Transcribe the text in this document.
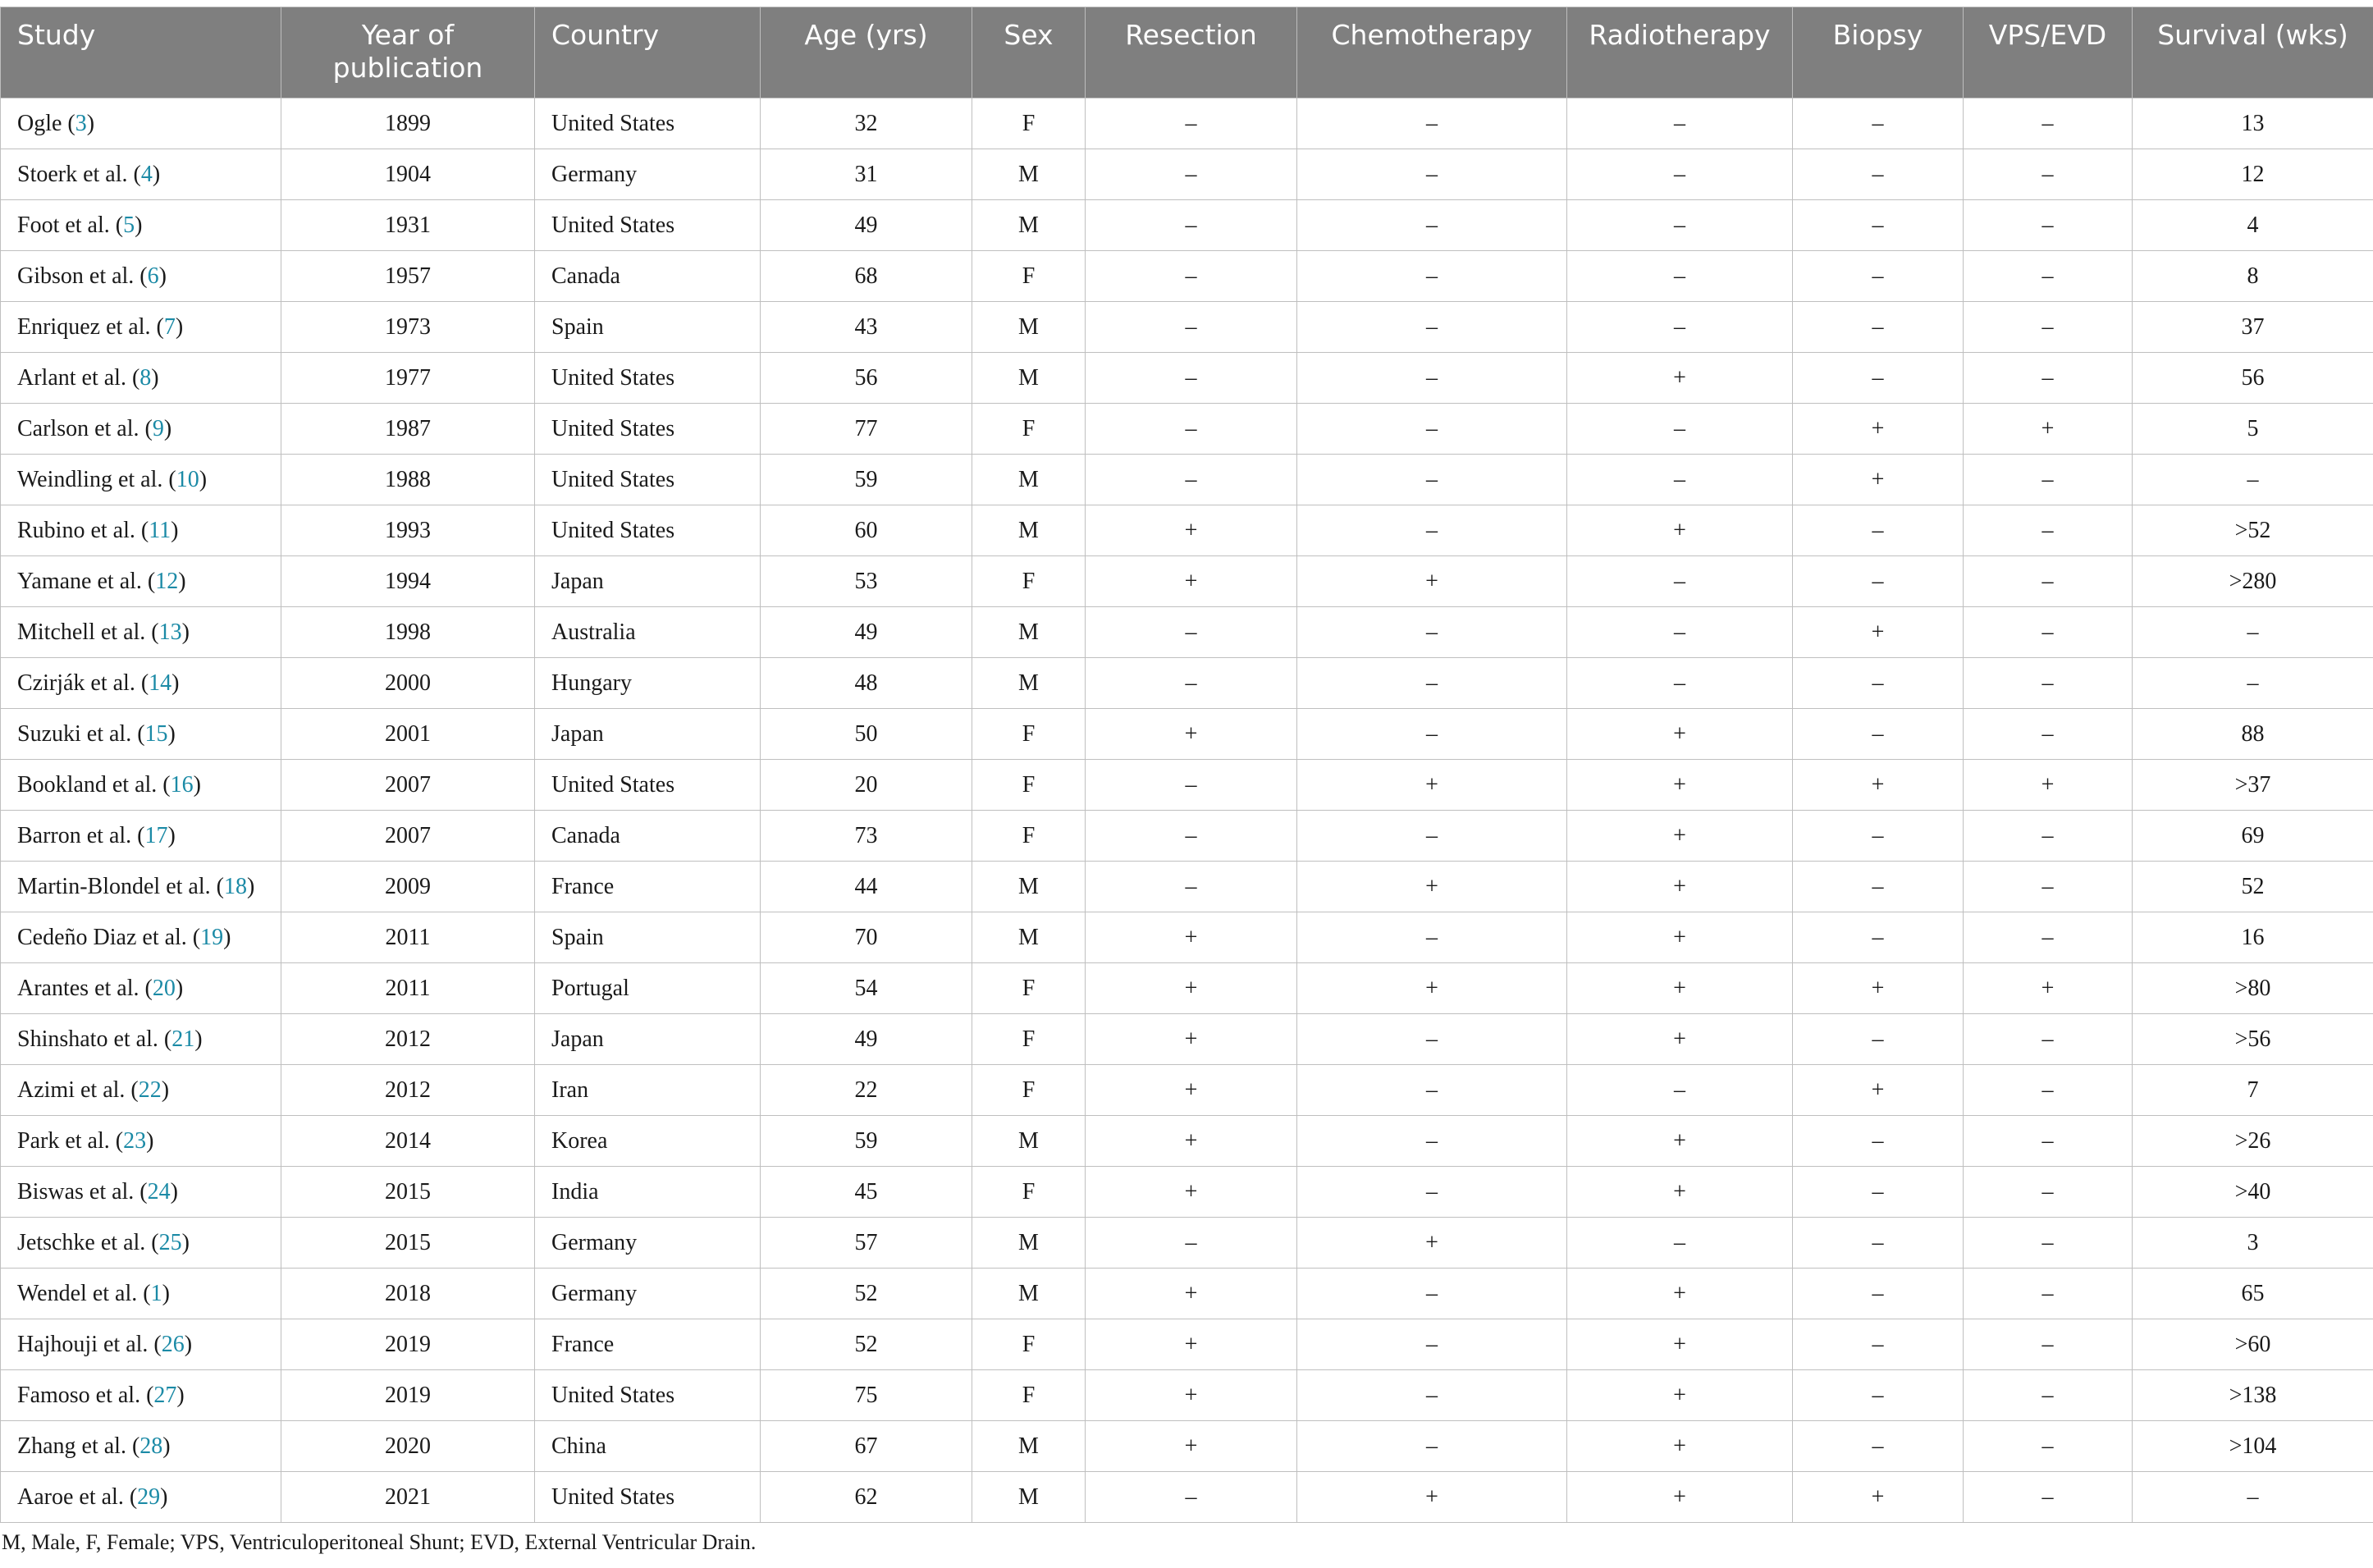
Study	Year of publication	Country	Age (yrs)	Sex	Resection	Chemotherapy	Radiotherapy	Biopsy	VPS/EVD	Survival (wks)
Ogle (3)	1899	United States	32	F	–	–	–	–	–	13
Stoerk et al. (4)	1904	Germany	31	M	–	–	–	–	–	12
Foot et al. (5)	1931	United States	49	M	–	–	–	–	–	4
Gibson et al. (6)	1957	Canada	68	F	–	–	–	–	–	8
Enriquez et al. (7)	1973	Spain	43	M	–	–	–	–	–	37
Arlant et al. (8)	1977	United States	56	M	–	–	+	–	–	56
Carlson et al. (9)	1987	United States	77	F	–	–	–	+	+	5
Weindling et al. (10)	1988	United States	59	M	–	–	–	+	–	–
Rubino et al. (11)	1993	United States	60	M	+	–	+	–	–	>52
Yamane et al. (12)	1994	Japan	53	F	+	+	–	–	–	>280
Mitchell et al. (13)	1998	Australia	49	M	–	–	–	+	–	–
Czirják et al. (14)	2000	Hungary	48	M	–	–	–	–	–	–
Suzuki et al. (15)	2001	Japan	50	F	+	–	+	–	–	88
Bookland et al. (16)	2007	United States	20	F	–	+	+	+	+	>37
Barron et al. (17)	2007	Canada	73	F	–	–	+	–	–	69
Martin-Blondel et al. (18)	2009	France	44	M	–	+	+	–	–	52
Cedeño Diaz et al. (19)	2011	Spain	70	M	+	–	+	–	–	16
Arantes et al. (20)	2011	Portugal	54	F	+	+	+	+	+	>80
Shinshato et al. (21)	2012	Japan	49	F	+	–	+	–	–	>56
Azimi et al. (22)	2012	Iran	22	F	+	–	–	+	–	7
Park et al. (23)	2014	Korea	59	M	+	–	+	–	–	>26
Biswas et al. (24)	2015	India	45	F	+	–	+	–	–	>40
Jetschke et al. (25)	2015	Germany	57	M	–	+	–	–	–	3
Wendel et al. (1)	2018	Germany	52	M	+	–	+	–	–	65
Hajhouji et al. (26)	2019	France	52	F	+	–	+	–	–	>60
Famoso et al. (27)	2019	United States	75	F	+	–	+	–	–	>138
Zhang et al. (28)	2020	China	67	M	+	–	+	–	–	>104
Aaroe et al. (29)	2021	United States	62	M	–	+	+	+	–	–
M, Male, F, Female; VPS, Ventriculoperitoneal Shunt; EVD, External Ventricular Drain.
